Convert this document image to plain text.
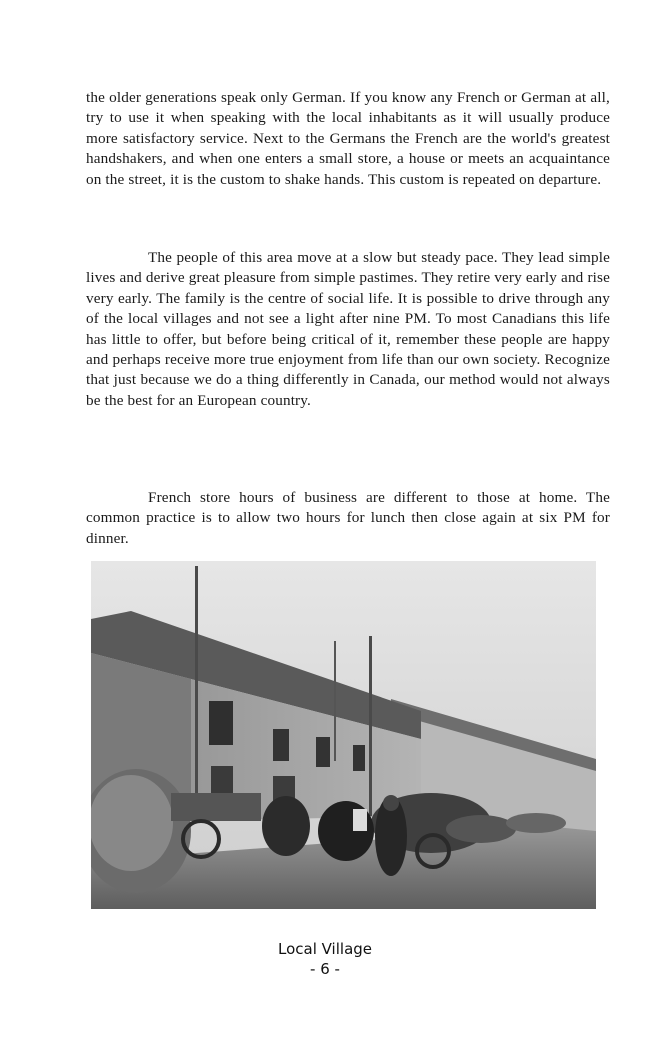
the older generations speak only German. If you know any French or German at all, try to use it when speaking with the local inhabitants as it will usually produce more satisfactory service. Next to the Germans the French are the world's greatest handshakers, and when one enters a small store, a house or meets an acquaintance on the street, it is the custom to shake hands. This custom is repeated on departure.

The people of this area move at a slow but steady pace. They lead simple lives and derive great pleasure from simple pastimes. They retire very early and rise very early. The family is the centre of social life. It is possible to drive through any of the local villages and not see a light after nine PM. To most Canadians this life has little to offer, but before being critical of it, remember these people are happy and perhaps receive more true enjoyment from life than our own society. Recognize that just because we do a thing differently in Canada, our method would not always be the best for an European country.

French store hours of business are different to those at home. The common practice is to allow two hours for lunch then close again at six PM for dinner.

Local Village
- 6 -
